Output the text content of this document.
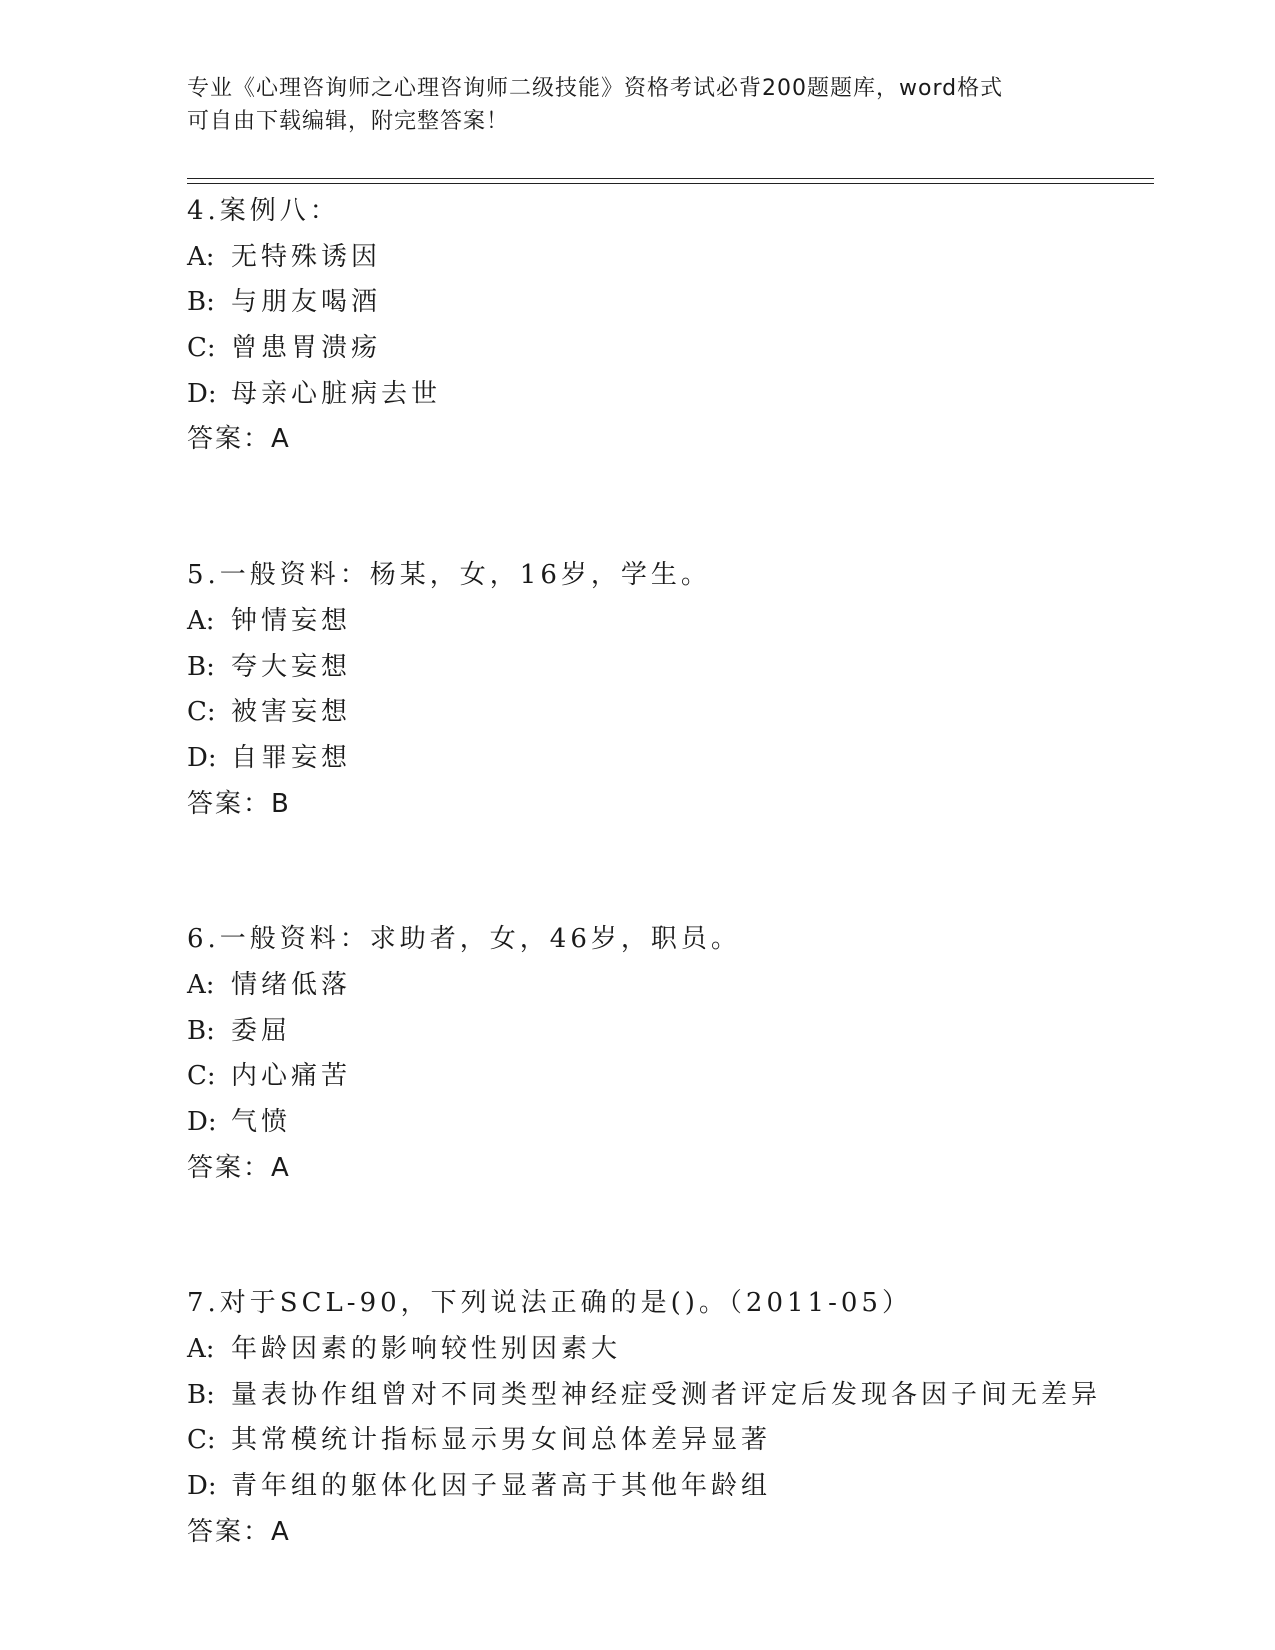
专业《心理咨询师之心理咨询师二级技能》资格考试必背200题题库，word格式
可自由下载编辑，附完整答案！
4.案例八：
A: 无特殊诱因
B: 与朋友喝酒
C: 曾患胃溃疡
D: 母亲心脏病去世
答案：A
5.一般资料：杨某，女，16岁，学生。
A: 钟情妄想
B: 夸大妄想
C: 被害妄想
D: 自罪妄想
答案：B
6.一般资料：求助者，女，46岁，职员。
A: 情绪低落
B: 委屈
C: 内心痛苦
D: 气愤
答案：A
7.对于SCL-90，下列说法正确的是()。（2011-05）
A: 年龄因素的影响较性别因素大
B: 量表协作组曾对不同类型神经症受测者评定后发现各因子间无差异
C: 其常模统计指标显示男女间总体差异显著
D: 青年组的躯体化因子显著高于其他年龄组
答案：A
